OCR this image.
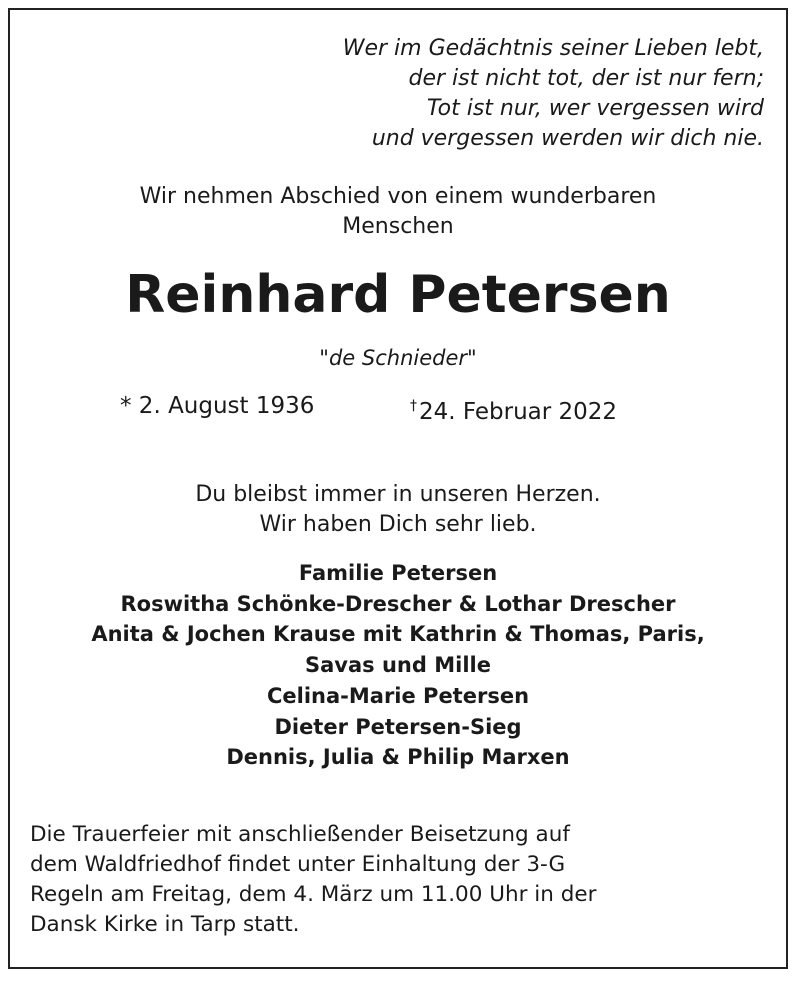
Wer im Gedächtnis seiner Lieben lebt,
der ist nicht tot, der ist nur fern;
Tot ist nur, wer vergessen wird
und vergessen werden wir dich nie.
Wir nehmen Abschied von einem wunderbaren
Menschen
Reinhard Petersen
"de Schnieder"
* 2. August 1936	†24. Februar 2022
Du bleibst immer in unseren Herzen.
Wir haben Dich sehr lieb.
Familie Petersen
Roswitha Schönke-Drescher & Lothar Drescher
Anita & Jochen Krause mit Kathrin & Thomas, Paris,
Savas und Mille
Celina-Marie Petersen
Dieter Petersen-Sieg
Dennis, Julia & Philip Marxen
Die Trauerfeier mit anschließender Beisetzung auf
dem Waldfriedhof findet unter Einhaltung der 3-G
Regeln am Freitag, dem 4. März um 11.00 Uhr in der
Dansk Kirke in Tarp statt.
